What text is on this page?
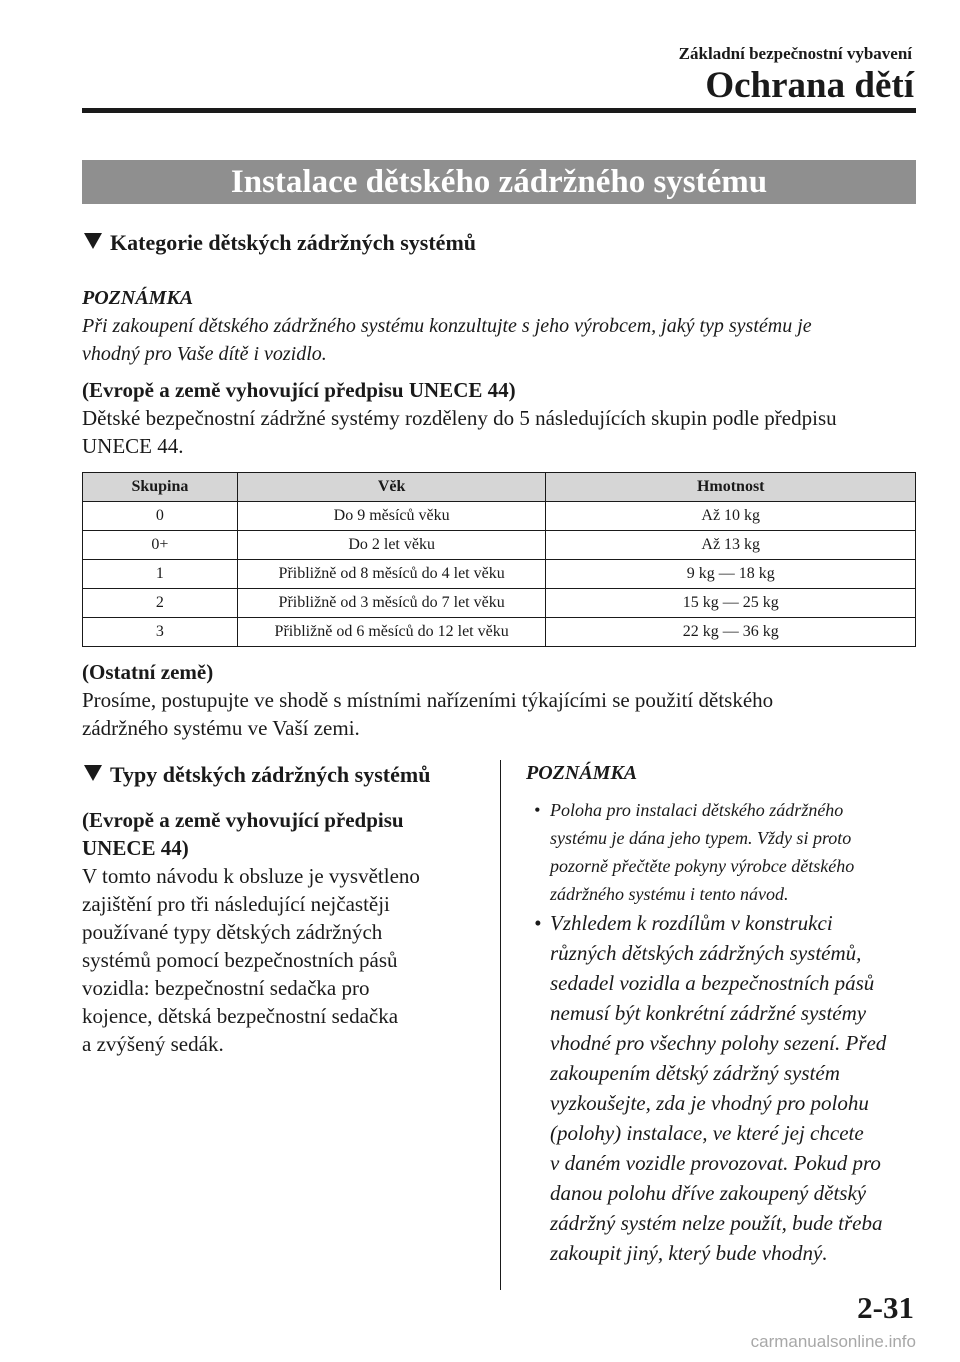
Základní bezpečnostní vybavení
Ochrana dětí
Instalace dětského zádržného systému
Kategorie dětských zádržných systémů
POZNÁMKA
Při zakoupení dětského zádržného systému konzultujte s jeho výrobcem, jaký typ systému je
vhodný pro Vaše dítě i vozidlo.
(Evropě a země vyhovující předpisu UNECE 44)
Dětské bezpečnostní zádržné systémy rozděleny do 5 následujících skupin podle předpisu
UNECE 44.
Skupina	Věk	Hmotnost
0	Do 9 měsíců věku	Až 10 kg
0+	Do 2 let věku	Až 13 kg
1	Přibližně od 8 měsíců do 4 let věku	9 kg — 18 kg
2	Přibližně od 3 měsíců do 7 let věku	15 kg — 25 kg
3	Přibližně od 6 měsíců do 12 let věku	22 kg — 36 kg
(Ostatní země)
Prosíme, postupujte ve shodě s místními nařízeními týkajícími se použití dětského
zádržného systému ve Vaší zemi.
Typy dětských zádržných systémů
(Evropě a země vyhovující předpisu
UNECE 44)
V tomto návodu k obsluze je vysvětleno
zajištění pro tři následující nejčastěji
používané typy dětských zádržných
systémů pomocí bezpečnostních pásů
vozidla: bezpečnostní sedačka pro
kojence, dětská bezpečnostní sedačka
a zvýšený sedák.
POZNÁMKA
• Poloha pro instalaci dětského zádržného
systému je dána jeho typem. Vždy si proto
pozorně přečtěte pokyny výrobce dětského
zádržného systému i tento návod.
• Vzhledem k rozdílům v konstrukci
různých dětských zádržných systémů,
sedadel vozidla a bezpečnostních pásů
nemusí být konkrétní zádržné systémy
vhodné pro všechny polohy sezení. Před
zakoupením dětský zádržný systém
vyzkoušejte, zda je vhodný pro polohu
(polohy) instalace, ve které jej chcete
v daném vozidle provozovat. Pokud pro
danou polohu dříve zakoupený dětský
zádržný systém nelze použít, bude třeba
zakoupit jiný, který bude vhodný.
2-31
carmanualsonline.info
